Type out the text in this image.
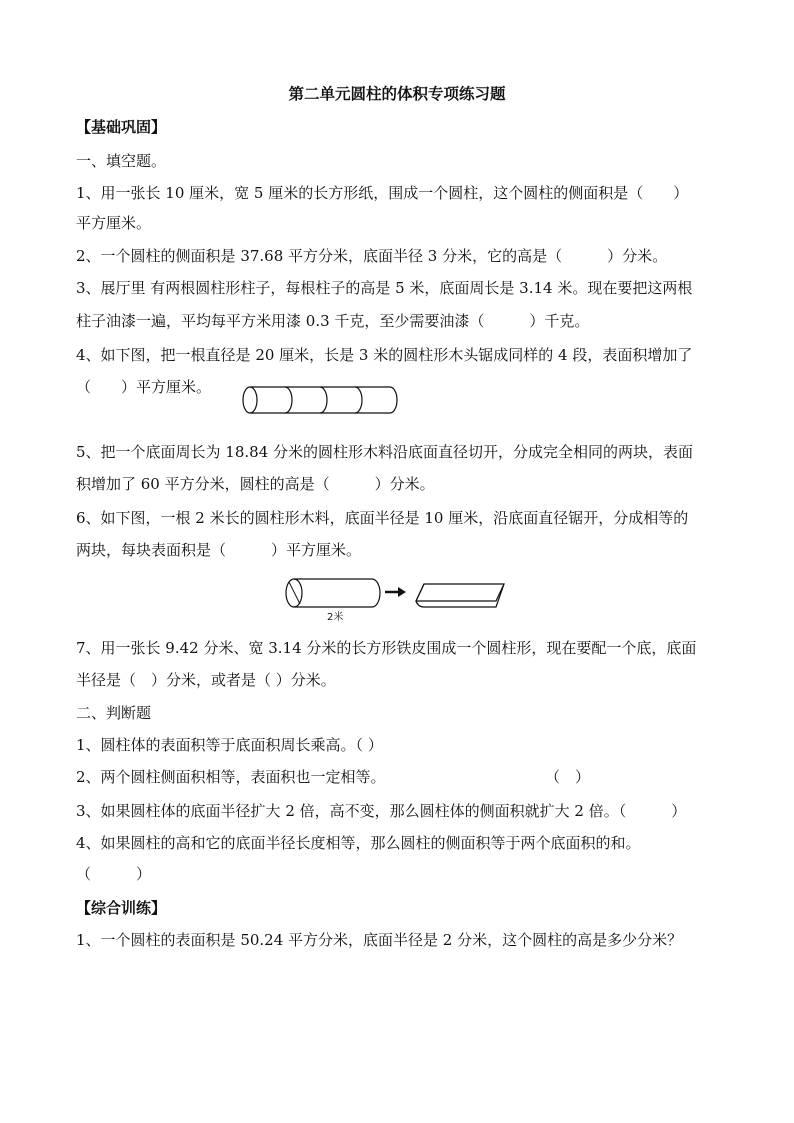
第二单元圆柱的体积专项练习题
【基础巩固】
一、填空题。
1、用一张长 10 厘米，宽 5 厘米的长方形纸，围成一个圆柱，这个圆柱的侧面积是（　　）
平方厘米。
2、一个圆柱的侧面积是 37.68 平方分米，底面半径 3 分米，它的高是（　　　）分米。
3、展厅里 有两根圆柱形柱子，每根柱子的高是 5 米，底面周长是 3.14 米。现在要把这两根
柱子油漆一遍，平均每平方米用漆 0.3 千克，至少需要油漆（　　　）千克。
4、如下图，把一根直径是 20 厘米，长是 3 米的圆柱形木头锯成同样的 4 段，表面积增加了
（　　）平方厘米。
5、把一个底面周长为 18.84 分米的圆柱形木料沿底面直径切开，分成完全相同的两块，表面
积增加了 60 平方分米，圆柱的高是（　　　）分米。
6、如下图，一根 2 米长的圆柱形木料，底面半径是 10 厘米，沿底面直径锯开，分成相等的
两块，每块表面积是（　　　）平方厘米。
2米
7、用一张长 9.42 分米、宽 3.14 分米的长方形铁皮围成一个圆柱形，现在要配一个底，底面
半径是（　）分米，或者是（ ）分米。
二、判断题
1、圆柱体的表面积等于底面积周长乘高。（ ）
2、两个圆柱侧面积相等，表面积也一定相等。	（　）
3、如果圆柱体的底面半径扩大 2 倍，高不变，那么圆柱体的侧面积就扩大 2 倍。（　　　）
4、如果圆柱的高和它的底面半径长度相等，那么圆柱的侧面积等于两个底面积的和。
（　　　）
【综合训练】
1、一个圆柱的表面积是 50.24 平方分米，底面半径是 2 分米，这个圆柱的高是多少分米？
